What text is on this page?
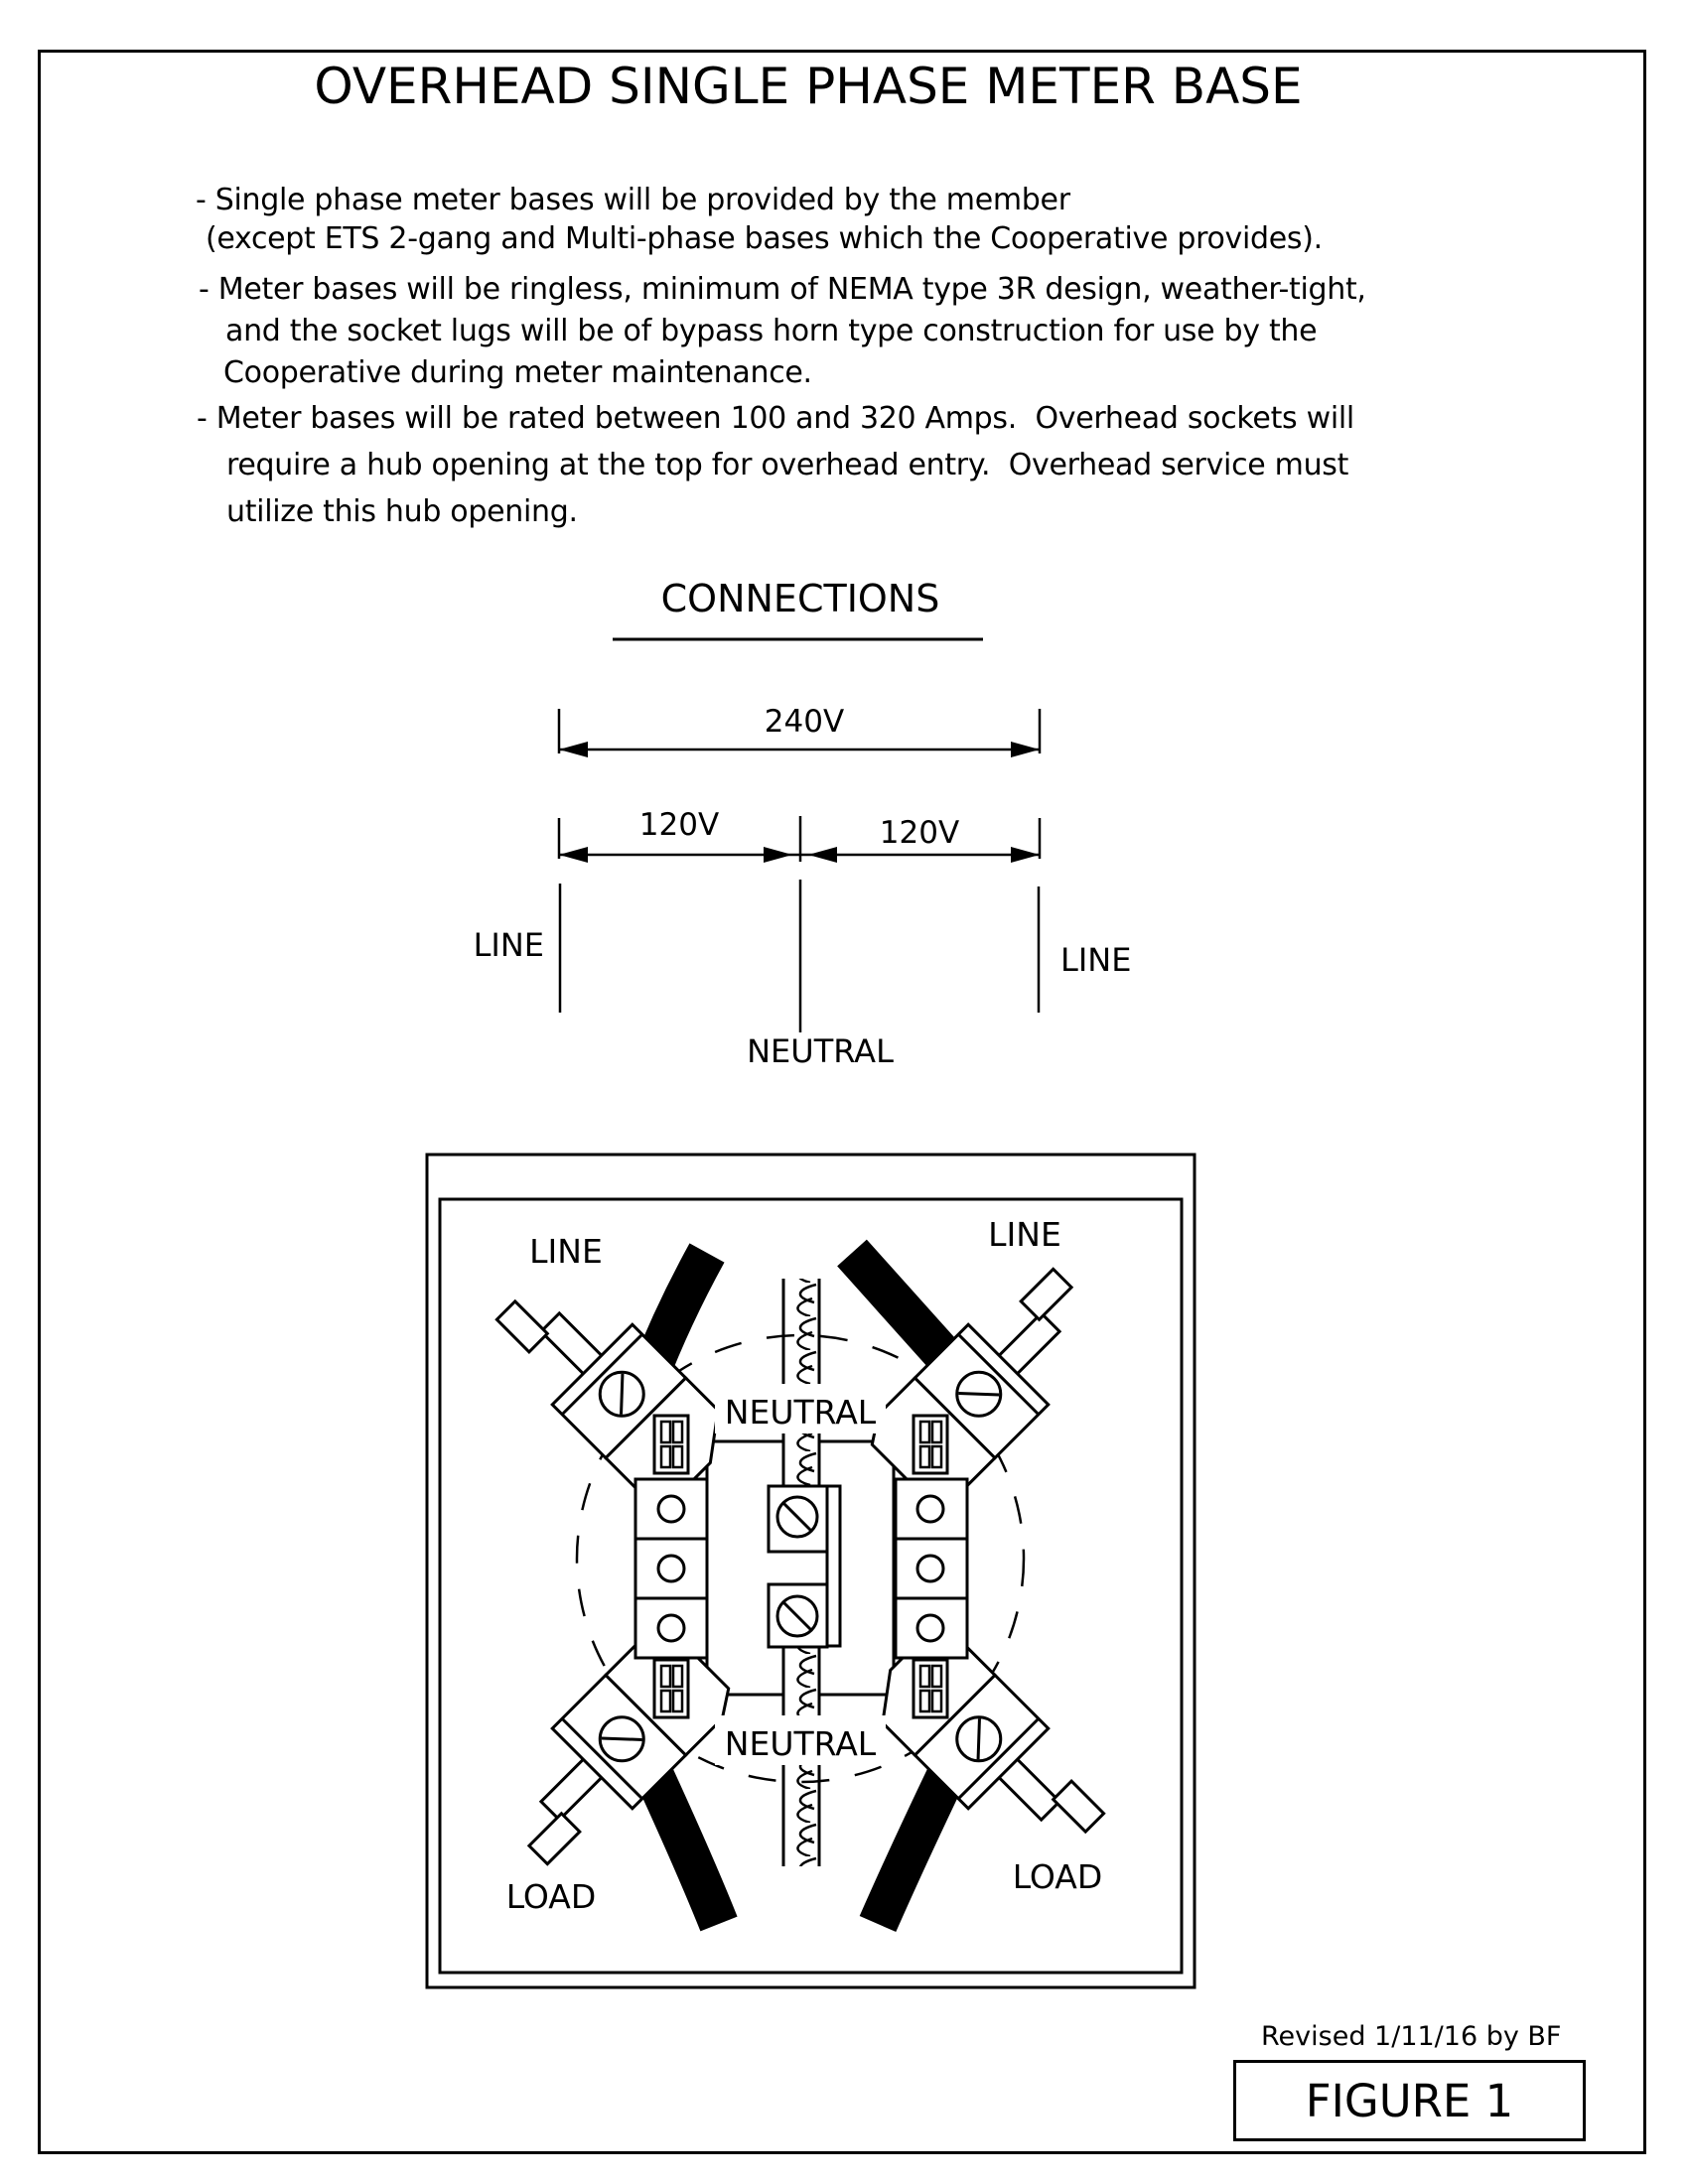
OVERHEAD SINGLE PHASE METER BASE
- Single phase meter bases will be provided by the member
(except ETS 2-gang and Multi-phase bases which the Cooperative provides).
- Meter bases will be ringless, minimum of NEMA type 3R design, weather-tight,
and the socket lugs will be of bypass horn type construction for use by the
Cooperative during meter maintenance.
- Meter bases will be rated between 100 and 320 Amps.  Overhead sockets will
require a hub opening at the top for overhead entry.  Overhead service must
utilize this hub opening.
CONNECTIONS
240V
120V	120V
LINE	LINE
NEUTRAL
LINE	LINE
NEUTRAL
NEUTRAL
LOAD
LOAD
Revised 1/11/16 by BF
FIGURE 1
